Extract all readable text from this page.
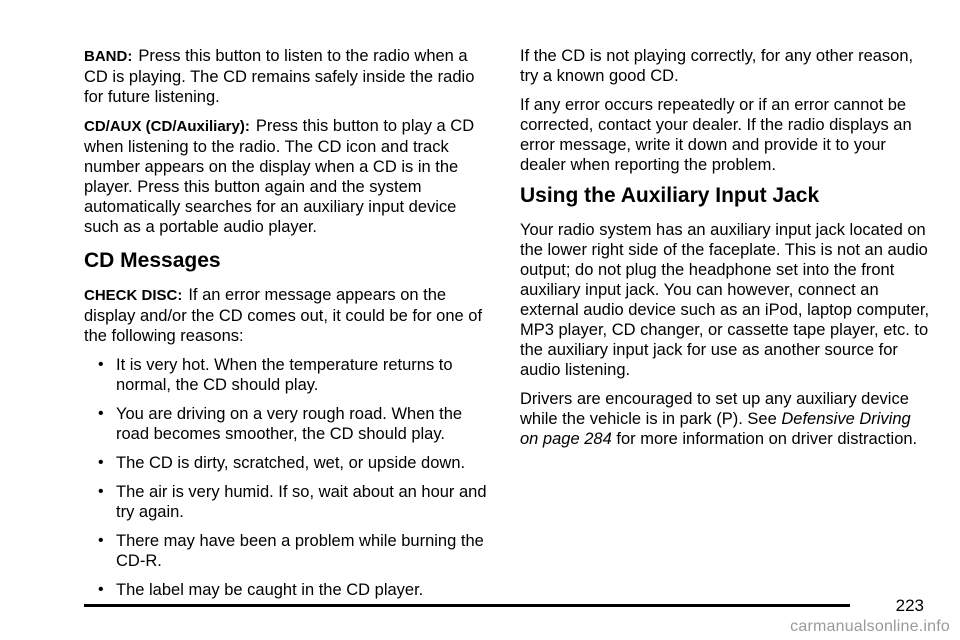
BAND: Press this button to listen to the radio when a CD is playing. The CD remains safely inside the radio for future listening.

CD/AUX (CD/Auxiliary): Press this button to play a CD when listening to the radio. The CD icon and track number appears on the display when a CD is in the player. Press this button again and the system automatically searches for an auxiliary input device such as a portable audio player.

CD Messages

CHECK DISC: If an error message appears on the display and/or the CD comes out, it could be for one of the following reasons:

• It is very hot. When the temperature returns to normal, the CD should play.
• You are driving on a very rough road. When the road becomes smoother, the CD should play.
• The CD is dirty, scratched, wet, or upside down.
• The air is very humid. If so, wait about an hour and try again.
• There may have been a problem while burning the CD-R.
• The label may be caught in the CD player.

If the CD is not playing correctly, for any other reason, try a known good CD.

If any error occurs repeatedly or if an error cannot be corrected, contact your dealer. If the radio displays an error message, write it down and provide it to your dealer when reporting the problem.

Using the Auxiliary Input Jack

Your radio system has an auxiliary input jack located on the lower right side of the faceplate. This is not an audio output; do not plug the headphone set into the front auxiliary input jack. You can however, connect an external audio device such as an iPod, laptop computer, MP3 player, CD changer, or cassette tape player, etc. to the auxiliary input jack for use as another source for audio listening.

Drivers are encouraged to set up any auxiliary device while the vehicle is in park (P). See Defensive Driving on page 284 for more information on driver distraction.

223
carmanualsonline.info
